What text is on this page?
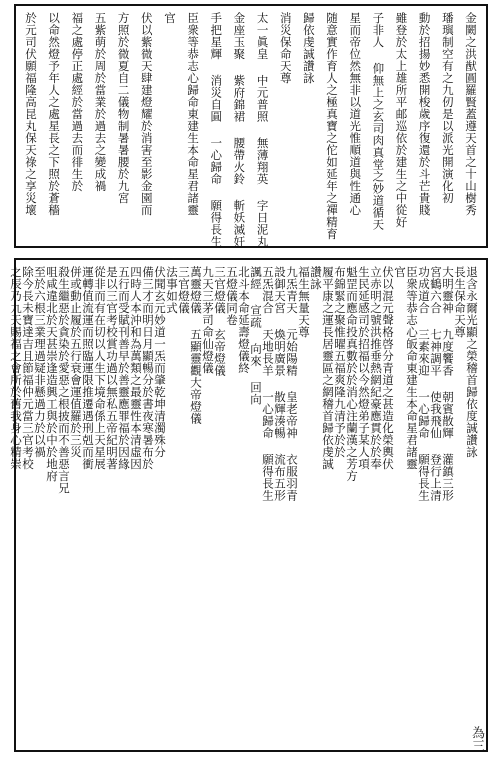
金闕之洪猷圓羅賢蓋遵天首之十山樹秀
璠璵制空有之九仞是以派光開演化初
動於招揚妙悉開梭歲序復還於斗芒貴賤
雖登於太上雄所平邮巡依於建生之中從好
子非人 仰無上之玄司肉真堂之妙道循天
星而帝位然無非以道光惟順道與性通心
随意實作育人之極真寶之佗如延年之禪精育
歸依虔誠讚詠
消災保命天尊
太一眞皇 中元普照 無薄翔英 字日泥丸
金座玉聚 紫府錦裙 腰帶火鈴 斬妖滅奸
手把星輝 消災自圓 一心歸命 願得長生
臣衆等恭志心歸命東建生本命星君諸靈
官
伏以紫微天肆建燈耀於消害至影金園而
方照於微夏自二儀物制暑暑腰於九宮
五紫萌於周於當業於過去之變成禍
福之處停正處經於當過去而徘生於
以命然燈予年人之處星長之下照於蒼穡
於元司伏願福隆高昆丸保天祿之享災壞
退含永爾光顯之榮稽首歸依度誠讚詠
長生保命天尊
大明靈神 九度饗香 朝賓散輝 灌鎮三形
宮鶴六合 七神調平 使我飛仙 登行上清
功成道合 三素來迎 一心歸命 願得長生
臣衆等恭志心皈命東建生本命星君諸靈
官
伏以混元聲格啓分青道之甚造化榮輿伏
立赤明之號洪推垂熱網紀豪應貫於於奉
生民延感司於招福以今然燈弟子某人項
魁罡而應命投真數於於消心注蘭漢之芳方
布錦緊之聚惟曜五福爽隆九清予於於
履平康之運長居靈區之網稽首歸依虔誠
讚詠
福生無量天尊
九炁青天 元始陽精 皇老帝神 衣服羽青
設御天宮 煥明廣景 散輝湊暢 流布五形
五炁混合 天地長羊 一心歸命 願得長生
諷經 宣疏 向來 回向
北斗本命延壽燈儀終
五燈儀同卷
三官燈儀 玄帝燈儀
九天三茅司命仙燈儀
萬靈燈儀 五顯靈觀大帝燈儀
三官燈儀
法事如式
伏聞玄元妙道一炁而肇乾坤清濁殊分
備三才而明日月顯暢分於書夜寒暑布於
四時人本沖和為萬類之最靈性本清虛因
五行而受賦刊善早於善靈應罪福於因緣
是以三官考校賞功過以無私五帝紀明著
從非而有在切以人生下境命係上天星展
運轉值流運而照臨運限推遷遇刑剋而衝
併或動止履於五行衰會運值羅於三災
殺生繼惡於貪染於愛惡之根披而不善惡言兄
咀咸違北於天甚崇逢造興工與於中於地府
至於六根三業理過疑非懸過力於以禍
除今長未寶達吉且節福仲元當三官考校
之辰乃九天賜福之會所於舊我身心精崇
為三
